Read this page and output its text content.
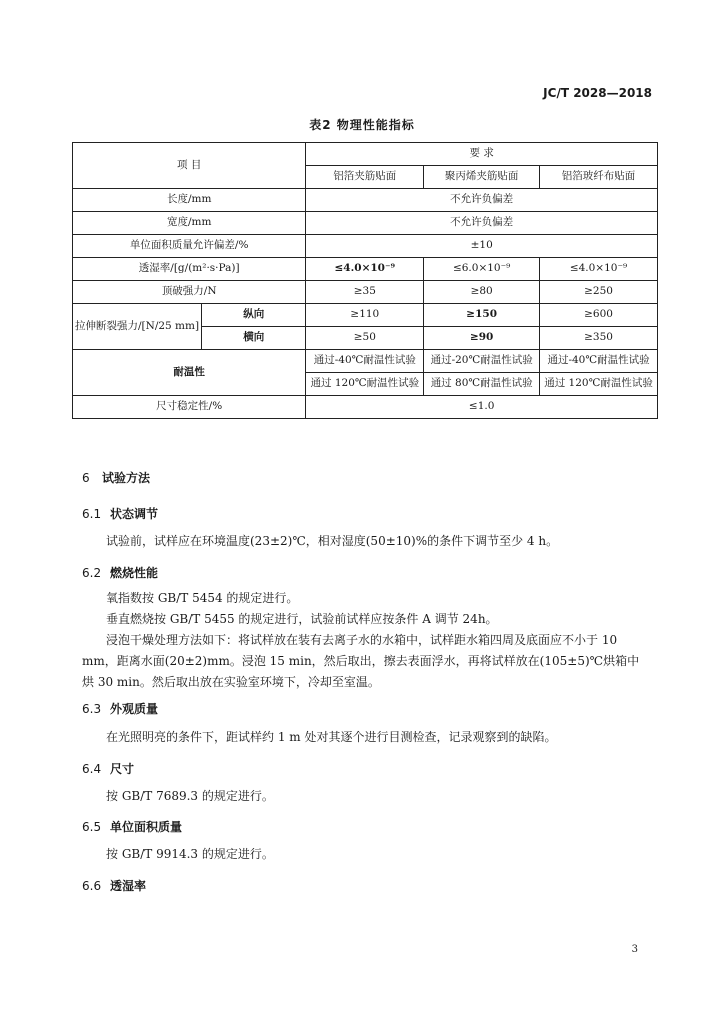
JC/T 2028—2018
表2 物理性能指标
项 目		要 求		
		铝箔夹筋贴面	聚丙烯夹筋贴面	铝箔玻纤布贴面
长度/mm		不允许负偏差		
宽度/mm		不允许负偏差		
单位面积质量允许偏差/%		±10		
透湿率/[g/(m²·s·Pa)]		≤4.0×10⁻⁹	≤6.0×10⁻⁹	≤4.0×10⁻⁹
顶破强力/N		≥35	≥80	≥250
拉伸断裂强力/[N/25 mm]	纵向	≥110	≥150	≥600
	横向	≥50	≥90	≥350
耐温性		通过-40℃耐温性试验	通过-20℃耐温性试验	通过-40℃耐温性试验
		通过 120℃耐温性试验	通过 80℃耐温性试验	通过 120℃耐温性试验
尺寸稳定性/%		≤1.0		
6 试验方法
6.1 状态调节
试验前，试样应在环境温度(23±2)℃，相对湿度(50±10)%的条件下调节至少 4 h。
6.2 燃烧性能
氧指数按 GB/T 5454 的规定进行。
垂直燃烧按 GB/T 5455 的规定进行，试验前试样应按条件 A 调节 24h。
浸泡干燥处理方法如下：将试样放在装有去离子水的水箱中，试样距水箱四周及底面应不小于 10 mm，距离水面(20±2)mm。浸泡 15 min，然后取出，擦去表面浮水，再将试样放在(105±5)℃烘箱中烘 30 min。然后取出放在实验室环境下，冷却至室温。
6.3 外观质量
在光照明亮的条件下，距试样约 1 m 处对其逐个进行目测检查，记录观察到的缺陷。
6.4 尺寸
按 GB/T 7689.3 的规定进行。
6.5 单位面积质量
按 GB/T 9914.3 的规定进行。
6.6 透湿率
3
